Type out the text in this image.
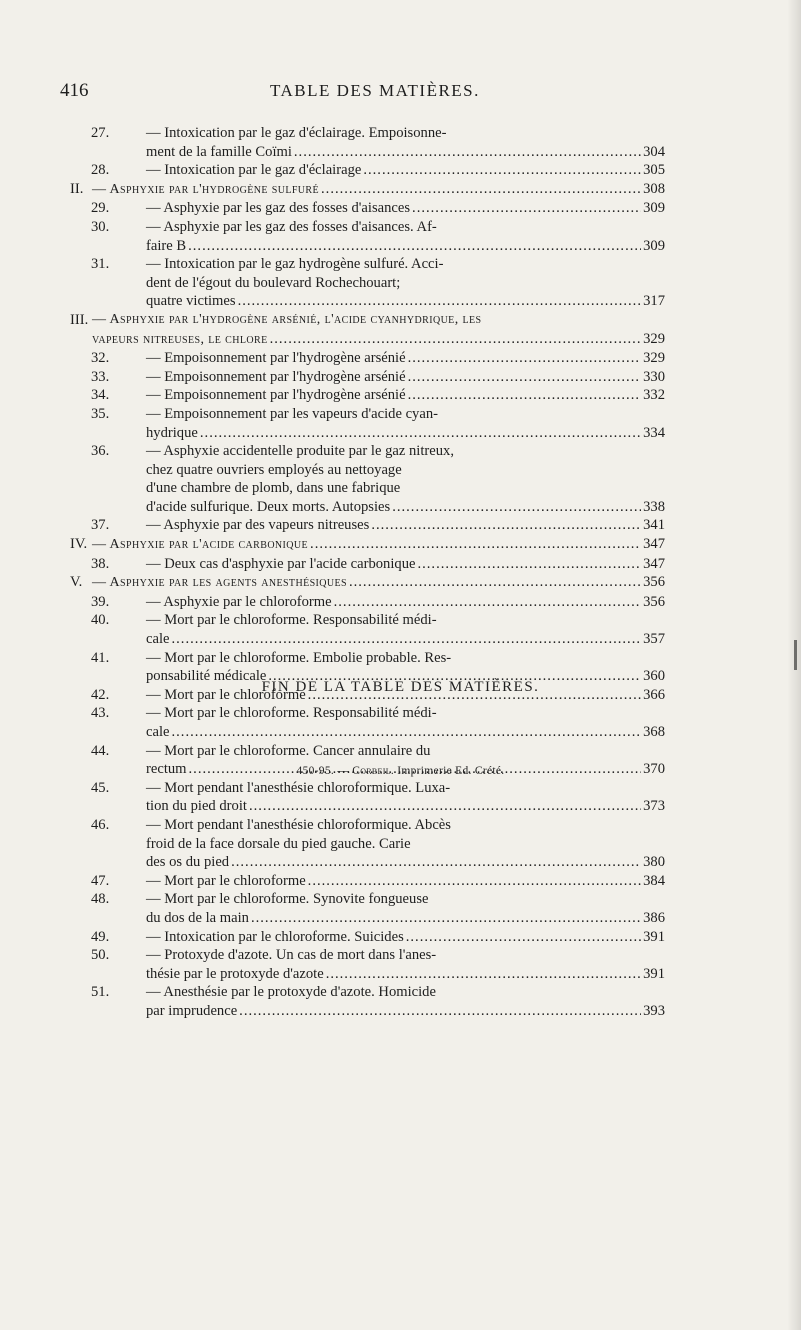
416	TABLE DES MATIÈRES.
27.	— Intoxication par le gaz d'éclairage. Empoisonne-
ment de la famille Coïmi .....	304
28.	— Intoxication par le gaz d'éclairage .....	305
II. — Asphyxie par l'hydrogène sulfuré .....	308
29.	— Asphyxie par les gaz des fosses d'aisances .....	309
30.	— Asphyxie par les gaz des fosses d'aisances. Af-
faire B .....	309
31.	— Intoxication par le gaz hydrogène sulfuré. Acci-
dent de l'égout du boulevard Rochechouart;
quatre victimes .....	317
III. — Asphyxie par l'hydrogène arsénié, l'acide cyanhydrique, les
vapeurs nitreuses, le chlore .....	329
32.	— Empoisonnement par l'hydrogène arsénié .....	329
33.	— Empoisonnement par l'hydrogène arsénié .....	330
34.	— Empoisonnement par l'hydrogène arsénié .....	332
35.	— Empoisonnement par les vapeurs d'acide cyan-
hydrique .....	334
36.	— Asphyxie accidentelle produite par le gaz nitreux,
chez quatre ouvriers employés au nettoyage
d'une chambre de plomb, dans une fabrique
d'acide sulfurique. Deux morts. Autopsies .....	338
37.	— Asphyxie par des vapeurs nitreuses .....	341
IV. — Asphyxie par l'acide carbonique .....	347
38.	— Deux cas d'asphyxie par l'acide carbonique .....	347
V. — Asphyxie par les agents anesthésiques .....	356
39.	— Asphyxie par le chloroforme .....	356
40.	— Mort par le chloroforme. Responsabilité médi-
cale .....	357
41.	— Mort par le chloroforme. Embolie probable. Res-
ponsabilité médicale .....	360
42.	— Mort par le chloroforme .....	366
43.	— Mort par le chloroforme. Responsabilité médi-
cale .....	368
44.	— Mort par le chloroforme. Cancer annulaire du
rectum .....	370
45.	— Mort pendant l'anesthésie chloroformique. Luxa-
tion du pied droit .....	373
46.	— Mort pendant l'anesthésie chloroformique. Abcès
froid de la face dorsale du pied gauche. Carie
des os du pied .....	380
47.	— Mort par le chloroforme .....	384
48.	— Mort par le chloroforme. Synovite fongueuse
du dos de la main .....	386
49.	— Intoxication par le chloroforme. Suicides .....	391
50.	— Protoxyde d'azote. Un cas de mort dans l'anes-
thésie par le protoxyde d'azote .....	391
51.	— Anesthésie par le protoxyde d'azote. Homicide
par imprudence .....	393
FIN DE LA TABLE DES MATIÈRES.
450-95. — Corbeil. Imprimerie Ed. Crété.
